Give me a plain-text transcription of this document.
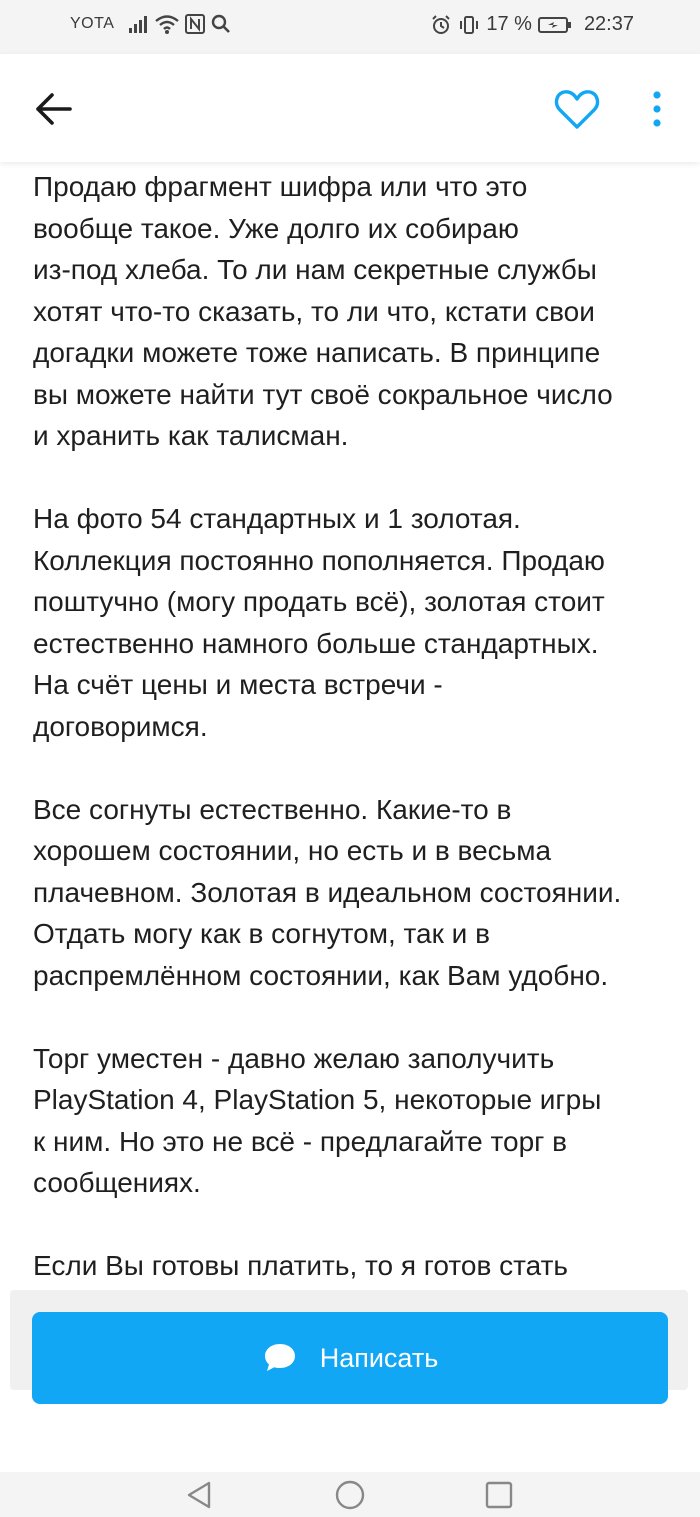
YOTA	17 %	22:37

Продаю фрагмент шифра или что это
вообще такое. Уже долго их собираю
из-под хлеба. То ли нам секретные службы
хотят что-то сказать, то ли что, кстати свои
догадки можете тоже написать. В принципе
вы можете найти тут своё сокральное число
и хранить как талисман.

На фото 54 стандартных и 1 золотая.
Коллекция постоянно пополняется. Продаю
поштучно (могу продать всё), золотая стоит
естественно намного больше стандартных.
На счёт цены и места встречи -
договоримся.

Все согнуты естественно. Какие-то в
хорошем состоянии, но есть и в весьма
плачевном. Золотая в идеальном состоянии.
Отдать могу как в согнутом, так и в
распремлённом состоянии, как Вам удобно.

Торг уместен - давно желаю заполучить
PlayStation 4, PlayStation 5, некоторые игры
к ним. Но это не всё - предлагайте торг в
сообщениях.

Если Вы готовы платить, то я готов стать

Написать
